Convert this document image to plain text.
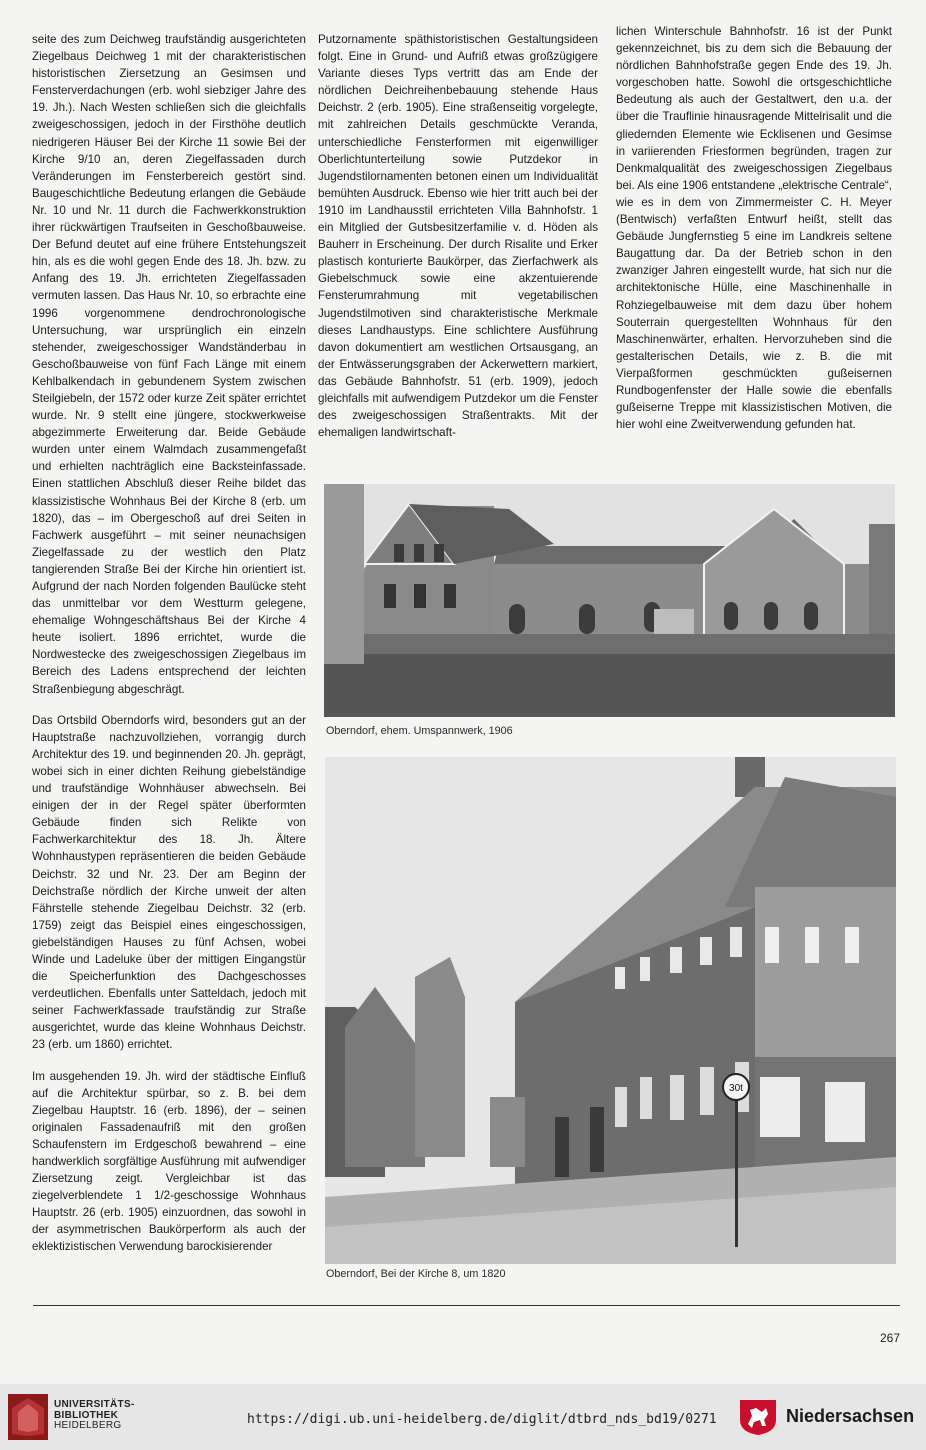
seite des zum Deichweg traufständig ausgerichteten Ziegelbaus Deichweg 1 mit der charakteristischen historistischen Ziersetzung an Gesimsen und Fensterverdachungen (erb. wohl siebziger Jahre des 19. Jh.). Nach Westen schließen sich die gleichfalls zweigeschossigen, jedoch in der Firsthöhe deutlich niedrigeren Häuser Bei der Kirche 11 sowie Bei der Kirche 9/10 an, deren Ziegelfassaden durch Veränderungen im Fensterbereich gestört sind. Baugeschichtliche Bedeutung erlangen die Gebäude Nr. 10 und Nr. 11 durch die Fachwerkkonstruktion ihrer rückwärtigen Traufseiten in Geschoßbauweise. Der Befund deutet auf eine frühere Entstehungszeit hin, als es die wohl gegen Ende des 18. Jh. bzw. zu Anfang des 19. Jh. errichteten Ziegelfassaden vermuten lassen. Das Haus Nr. 10, so erbrachte eine 1996 vorgenommene dendrochronologische Untersuchung, war ursprünglich ein einzeln stehender, zweigeschossiger Wandständerbau in Geschoßbauweise von fünf Fach Länge mit einem Kehlbalkendach in gebundenem System zwischen Steilgiebeln, der 1572 oder kurze Zeit später errichtet wurde. Nr. 9 stellt eine jüngere, stockwerkweise abgezimmerte Erweiterung dar. Beide Gebäude wurden unter einem Walmdach zusammengefaßt und erhielten nachträglich eine Backsteinfassade. Einen stattlichen Abschluß dieser Reihe bildet das klassizistische Wohnhaus Bei der Kirche 8 (erb. um 1820), das – im Obergeschoß auf drei Seiten in Fachwerk ausgeführt – mit seiner neunachsigen Ziegelfassade zu der westlich den Platz tangierenden Straße Bei der Kirche hin orientiert ist. Aufgrund der nach Norden folgenden Baulücke steht das unmittelbar vor dem Westturm gelegene, ehemalige Wohngeschäftshaus Bei der Kirche 4 heute isoliert. 1896 errichtet, wurde die Nordwestecke des zweigeschossigen Ziegelbaus im Bereich des Ladens entsprechend der leichten Straßenbiegung abgeschrägt.

Das Ortsbild Oberndorfs wird, besonders gut an der Hauptstraße nachzuvollziehen, vorrangig durch Architektur des 19. und beginnenden 20. Jh. geprägt, wobei sich in einer dichten Reihung giebelständige und traufständige Wohnhäuser abwechseln. Bei einigen der in der Regel später überformten Gebäude finden sich Relikte von Fachwerkarchitektur des 18. Jh. Ältere Wohnhaustypen repräsentieren die beiden Gebäude Deichstr. 32 und Nr. 23. Der am Beginn der Deichstraße nördlich der Kirche unweit der alten Fährstelle stehende Ziegelbau Deichstr. 32 (erb. 1759) zeigt das Beispiel eines eingeschossigen, giebelständigen Hauses zu fünf Achsen, wobei Winde und Ladeluke über der mittigen Eingangstür die Speicherfunktion des Dachgeschosses verdeutlichen. Ebenfalls unter Satteldach, jedoch mit seiner Fachwerkfassade traufständig zur Straße ausgerichtet, wurde das kleine Wohnhaus Deichstr. 23 (erb. um 1860) errichtet.

Im ausgehenden 19. Jh. wird der städtische Einfluß auf die Architektur spürbar, so z. B. bei dem Ziegelbau Hauptstr. 16 (erb. 1896), der – seinen originalen Fassadenaufriß mit den großen Schaufenstern im Erdgeschoß bewahrend – eine handwerklich sorgfältige Ausführung mit aufwendiger Ziersetzung zeigt. Vergleichbar ist das ziegelverblendete 1 1/2-geschossige Wohnhaus Hauptstr. 26 (erb. 1905) einzuordnen, das sowohl in der asymmetrischen Baukörperform als auch der eklektizistischen Verwendung barockisierender

Putzornamente späthistoristischen Gestaltungsideen folgt. Eine in Grund- und Aufriß etwas großzügigere Variante dieses Typs vertritt das am Ende der nördlichen Deichreihenbebauung stehende Haus Deichstr. 2 (erb. 1905). Eine straßenseitig vorgelegte, mit zahlreichen Details geschmückte Veranda, unterschiedliche Fensterformen mit eigenwilliger Oberlichtunterteilung sowie Putzdekor in Jugendstilornamenten betonen einen um Individualität bemühten Ausdruck. Ebenso wie hier tritt auch bei der 1910 im Landhausstil errichteten Villa Bahnhofstr. 1 ein Mitglied der Gutsbesitzerfamilie v. d. Höden als Bauherr in Erscheinung. Der durch Risalite und Erker plastisch konturierte Baukörper, das Zierfachwerk als Giebelschmuck sowie eine akzentuierende Fensterumrahmung mit vegetabilischen Jugendstilmotiven sind charakteristische Merkmale dieses Landhaustyps. Eine schlichtere Ausführung davon dokumentiert am westlichen Ortsausgang, an der Entwässerungsgraben der Ackerwettern markiert, das Gebäude Bahnhofstr. 51 (erb. 1909), jedoch gleichfalls mit aufwendigem Putzdekor um die Fenster des zweigeschossigen Straßentrakts. Mit der ehemaligen landwirtschaft-

lichen Winterschule Bahnhofstr. 16 ist der Punkt gekennzeichnet, bis zu dem sich die Bebauung der nördlichen Bahnhofstraße gegen Ende des 19. Jh. vorgeschoben hatte. Sowohl die ortsgeschichtliche Bedeutung als auch der Gestaltwert, den u.a. der über die Trauflinie hinausragende Mittelrisalit und die gliedernden Elemente wie Ecklisenen und Gesimse in variierenden Friesformen begründen, tragen zur Denkmalqualität des zweigeschossigen Ziegelbaus bei. Als eine 1906 entstandene „elektrische Centrale“, wie es in dem von Zimmermeister C. H. Meyer (Bentwisch) verfaßten Entwurf heißt, stellt das Gebäude Jungfernstieg 5 eine im Landkreis seltene Baugattung dar. Da der Betrieb schon in den zwanziger Jahren eingestellt wurde, hat sich nur die architektonische Hülle, eine Maschinenhalle in Rohziegelbauweise mit dem dazu über hohem Souterrain quergestellten Wohnhaus für den Maschinenwärter, erhalten. Hervorzuheben sind die gestalterischen Details, wie z. B. die mit Vierpaßformen geschmückten gußeisernen Rundbogenfenster der Halle sowie die ebenfalls gußeiserne Treppe mit klassizistischen Motiven, die hier wohl eine Zweitverwendung gefunden hat.

Oberndorf, ehem. Umspannwerk, 1906
30t
Oberndorf, Bei der Kirche 8, um 1820
267
UNIVERSITÄTS-
BIBLIOTHEK
HEIDELBERG	https://digi.ub.uni-heidelberg.de/diglit/dtbrd_nds_bd19/0271	Niedersachsen
